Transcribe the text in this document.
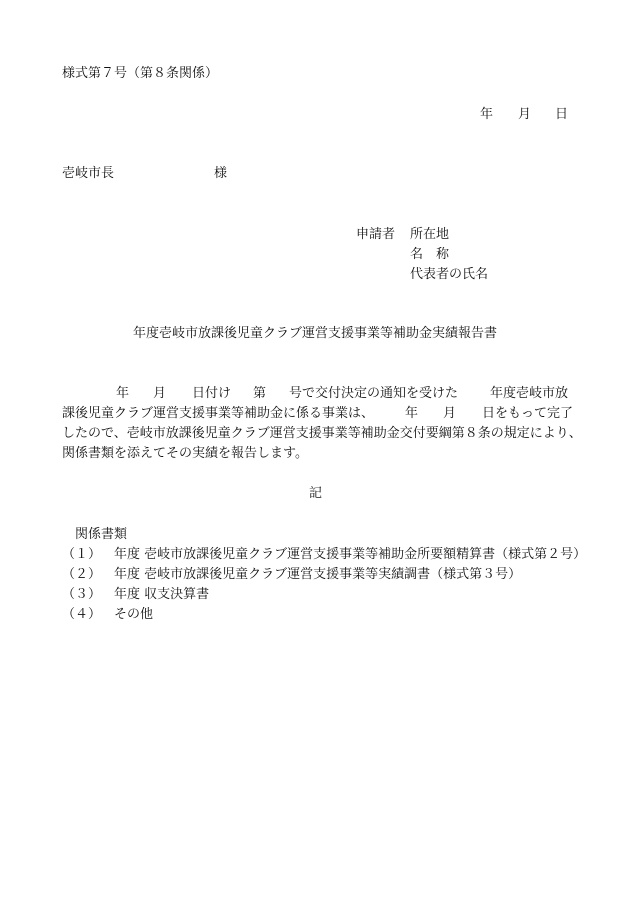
様式第７号（第８条関係）
年 月 日
壱岐市長	様
申請者 所在地
名　称
代表者の氏名
年度壱岐市放課後児童クラブ運営支援事業等補助金実績報告書
年 月 日付け 第 号で交付決定の通知を受けた 年度壱岐市放
課後児童クラブ運営支援事業等補助金に係る事業は、 年 月 日をもって完了
したので、壱岐市放課後児童クラブ運営支援事業等補助金交付要綱第８条の規定により、
関係書類を添えてその実績を報告します。
記
関係書類
（１） 年度 壱岐市放課後児童クラブ運営支援事業等補助金所要額精算書（様式第２号）
（２） 年度 壱岐市放課後児童クラブ運営支援事業等実績調書（様式第３号）
（３） 年度 収支決算書
（４） その他
